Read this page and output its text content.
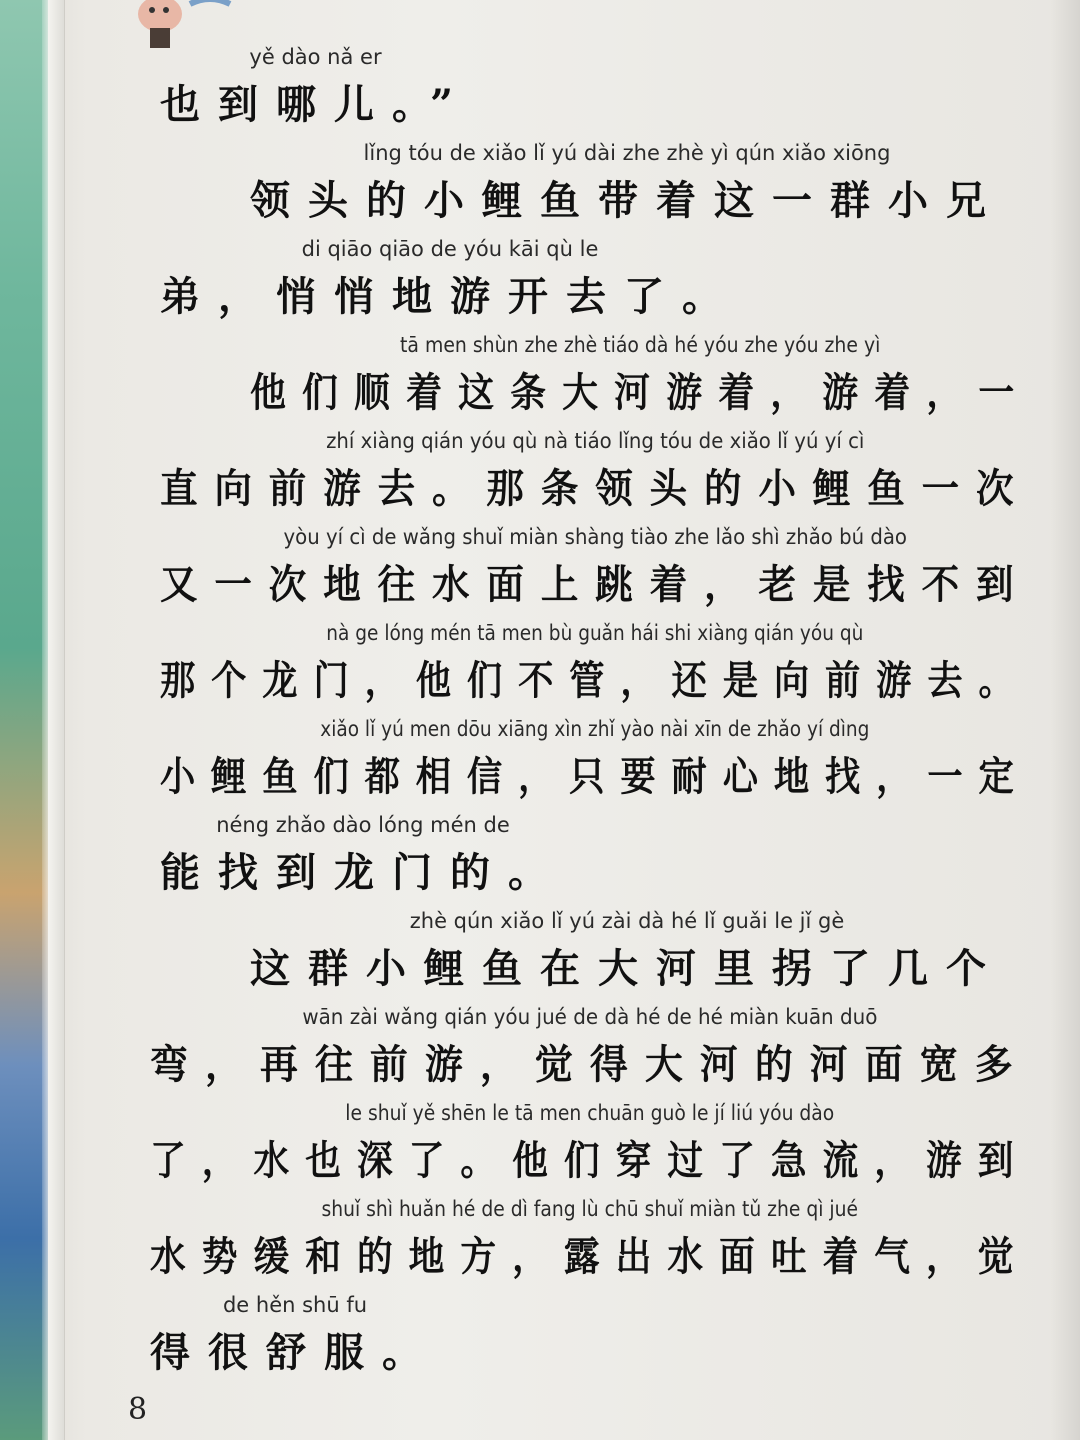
yě dào nǎ er
也到哪儿。”
lǐng tóu de xiǎo lǐ yú dài zhe zhè yì qún xiǎo xiōng
领头的小鲤鱼带着这一群小兄
di qiāo qiāo de yóu kāi qù le
弟，悄悄地游开去了。
tā men shùn zhe zhè tiáo dà hé yóu zhe yóu zhe yì
他们顺着这条大河游着，游着，一
zhí xiàng qián yóu qù nà tiáo lǐng tóu de xiǎo lǐ yú yí cì
直向前游去。那条领头的小鲤鱼一次
yòu yí cì de wǎng shuǐ miàn shàng tiào zhe lǎo shì zhǎo bú dào
又一次地往水面上跳着，老是找不到
nà ge lóng mén tā men bù guǎn hái shi xiàng qián yóu qù
那个龙门，他们不管，还是向前游去。
xiǎo lǐ yú men dōu xiāng xìn zhǐ yào nài xīn de zhǎo yí dìng
小鲤鱼们都相信，只要耐心地找，一定
néng zhǎo dào lóng mén de
能找到龙门的。
zhè qún xiǎo lǐ yú zài dà hé lǐ guǎi le jǐ gè
这群小鲤鱼在大河里拐了几个
wān zài wǎng qián yóu jué de dà hé de hé miàn kuān duō
弯，再往前游，觉得大河的河面宽多
le shuǐ yě shēn le tā men chuān guò le jí liú yóu dào
了，水也深了。他们穿过了急流，游到
shuǐ shì huǎn hé de dì fang lù chū shuǐ miàn tǔ zhe qì jué
水势缓和的地方，露出水面吐着气，觉
de hěn shū fu
得很舒服。
8
